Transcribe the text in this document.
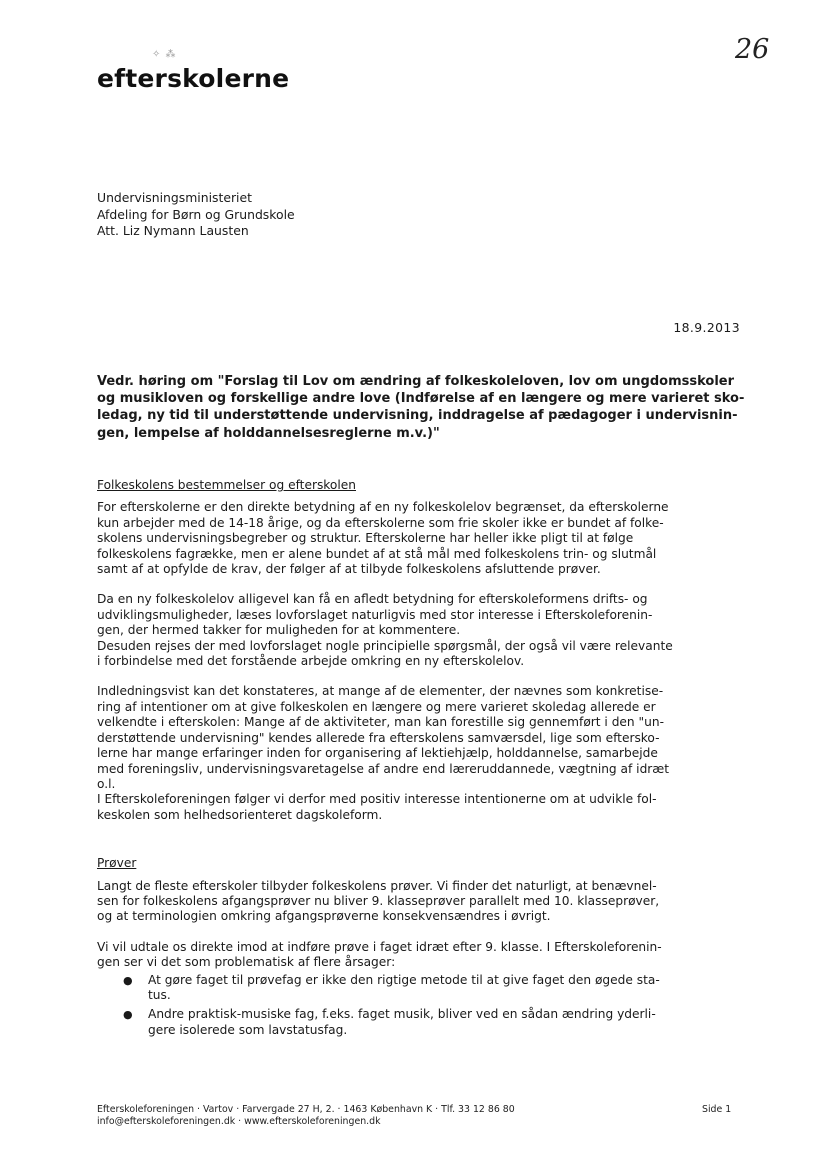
✧ ⁂
efterskolerne
26
Undervisningsministeriet
Afdeling for Børn og Grundskole
Att. Liz Nymann Lausten
18.9.2013
Vedr. høring om "Forslag til Lov om ændring af folkeskoleloven, lov om ungdomsskoler
og musikloven og forskellige andre love (Indførelse af en længere og mere varieret sko-
ledag, ny tid til understøttende undervisning, inddragelse af pædagoger i undervisnin-
gen, lempelse af holddannelsesreglerne m.v.)"
Folkeskolens bestemmelser og efterskolen
For efterskolerne er den direkte betydning af en ny folkeskolelov begrænset, da efterskolerne
kun arbejder med de 14-18 årige, og da efterskolerne som frie skoler ikke er bundet af folke-
skolens undervisningsbegreber og struktur. Efterskolerne har heller ikke pligt til at følge
folkeskolens fagrække, men er alene bundet af at stå mål med folkeskolens trin- og slutmål
samt af at opfylde de krav, der følger af at tilbyde folkeskolens afsluttende prøver.
Da en ny folkeskolelov alligevel kan få en afledt betydning for efterskoleformens drifts- og
udviklingsmuligheder, læses lovforslaget naturligvis med stor interesse i Efterskoleforenin-
gen, der hermed takker for muligheden for at kommentere.
Desuden rejses der med lovforslaget nogle principielle spørgsmål, der også vil være relevante
i forbindelse med det forstående arbejde omkring en ny efterskolelov.
Indledningsvist kan det konstateres, at mange af de elementer, der nævnes som konkretise-
ring af intentioner om at give folkeskolen en længere og mere varieret skoledag allerede er
velkendte i efterskolen: Mange af de aktiviteter, man kan forestille sig gennemført i den "un-
derstøttende undervisning" kendes allerede fra efterskolens samværsdel, lige som eftersko-
lerne har mange erfaringer inden for organisering af lektiehjælp, holddannelse, samarbejde
med foreningsliv, undervisningsvaretagelse af andre end læreruddannede, vægtning af idræt
o.l.
I Efterskoleforeningen følger vi derfor med positiv interesse intentionerne om at udvikle fol-
keskolen som helhedsorienteret dagskoleform.
Prøver
Langt de fleste efterskoler tilbyder folkeskolens prøver. Vi finder det naturligt, at benævnel-
sen for folkeskolens afgangsprøver nu bliver 9. klasseprøver parallelt med 10. klasseprøver,
og at terminologien omkring afgangsprøverne konsekvensændres i øvrigt.
Vi vil udtale os direkte imod at indføre prøve i faget idræt efter 9. klasse. I Efterskoleforenin-
gen ser vi det som problematisk af flere årsager:
●	At gøre faget til prøvefag er ikke den rigtige metode til at give faget den øgede sta-
tus.
●	Andre praktisk-musiske fag, f.eks. faget musik, bliver ved en sådan ændring yderli-
gere isolerede som lavstatusfag.
Efterskoleforeningen · Vartov · Farvergade 27 H, 2. · 1463 København K · Tlf. 33 12 86 80
info@efterskoleforeningen.dk · www.efterskoleforeningen.dk
Side 1
